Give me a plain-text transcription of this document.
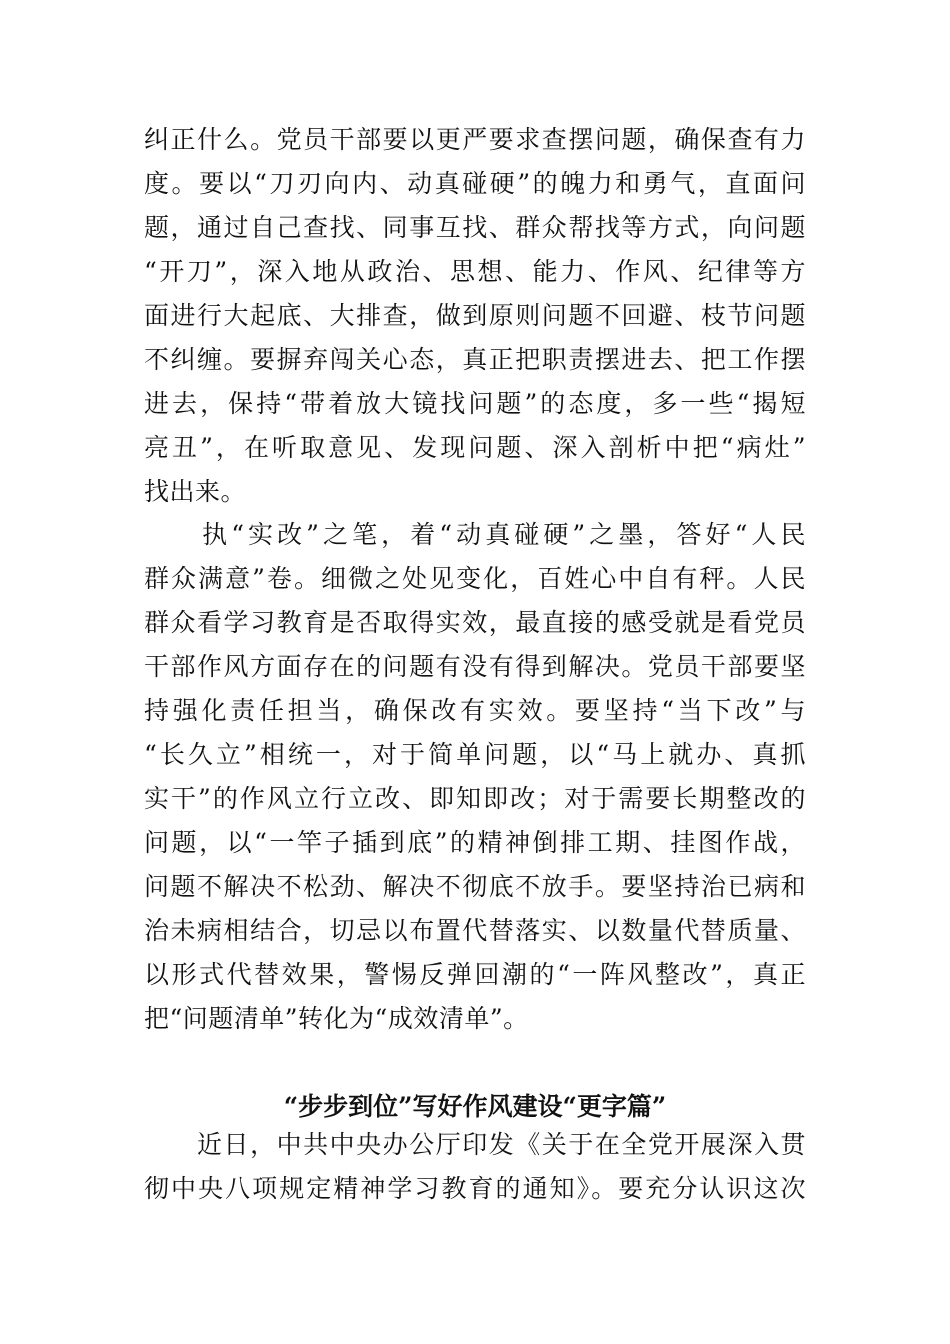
纠正什么。党员干部要以更严要求查摆问题，确保查有力
度。要以“刀刃向内、动真碰硬”的魄力和勇气，直面问
题，通过自己查找、同事互找、群众帮找等方式，向问题
“开刀”，深入地从政治、思想、能力、作风、纪律等方
面进行大起底、大排查，做到原则问题不回避、枝节问题
不纠缠。要摒弃闯关心态，真正把职责摆进去、把工作摆
进去，保持“带着放大镜找问题”的态度，多一些“揭短
亮丑”，在听取意见、发现问题、深入剖析中把“病灶”
找出来。
　　执“实改”之笔，着“动真碰硬”之墨，答好“人民
群众满意”卷。细微之处见变化，百姓心中自有秤。人民
群众看学习教育是否取得实效，最直接的感受就是看党员
干部作风方面存在的问题有没有得到解决。党员干部要坚
持强化责任担当，确保改有实效。要坚持“当下改”与
“长久立”相统一，对于简单问题，以“马上就办、真抓
实干”的作风立行立改、即知即改；对于需要长期整改的
问题，以“一竿子插到底”的精神倒排工期、挂图作战，
问题不解决不松劲、解决不彻底不放手。要坚持治已病和
治未病相结合，切忌以布置代替落实、以数量代替质量、
以形式代替效果，警惕反弹回潮的“一阵风整改”，真正
把“问题清单”转化为“成效清单”。
“步步到位”写好作风建设“更字篇”
　　近日，中共中央办公厅印发《关于在全党开展深入贯
彻中央八项规定精神学习教育的通知》。要充分认识这次
